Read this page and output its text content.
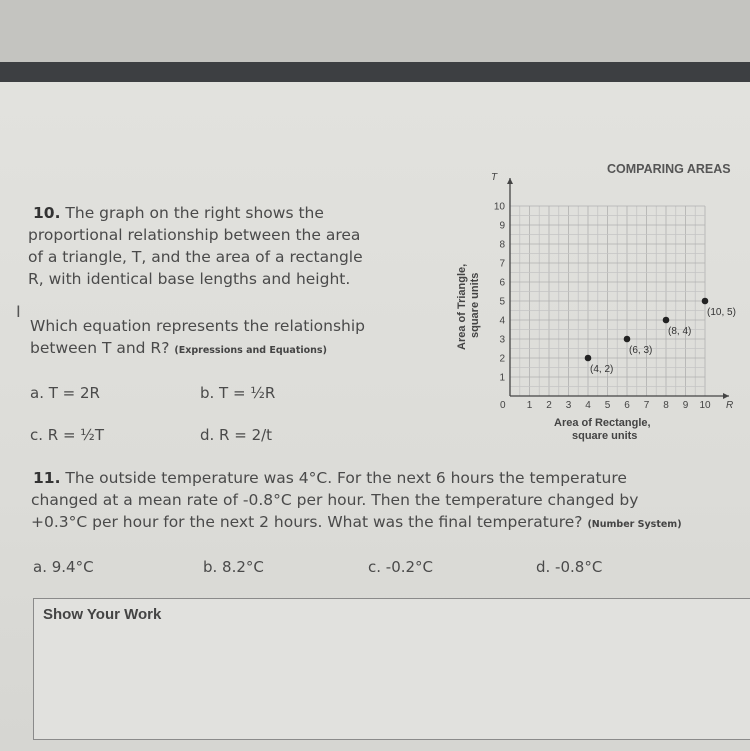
10. The graph on the right shows the
proportional relationship between the area
of a triangle, T, and the area of a rectangle
R, with identical base lengths and height.
I
Which equation represents the relationship
between T and R? (Expressions and Equations)
a. T = 2R	b. T = ½R
c. R = ½T	d. R = 2/t
COMPARING AREAS
T
R
0 1 2 3 4 5 6 7 8 9 10
1
2
3
4
5
6
7
8
9
10
(4, 2)
(6, 3)
(8, 4)
(10, 5)
Area of Rectangle,
square units
Area of Triangle, square units
11. The outside temperature was 4°C. For the next 6 hours the temperature
changed at a mean rate of -0.8°C per hour. Then the temperature changed by
+0.3°C per hour for the next 2 hours. What was the final temperature? (Number System)
a. 9.4°C	b. 8.2°C	c. -0.2°C	d. -0.8°C
Show Your Work
